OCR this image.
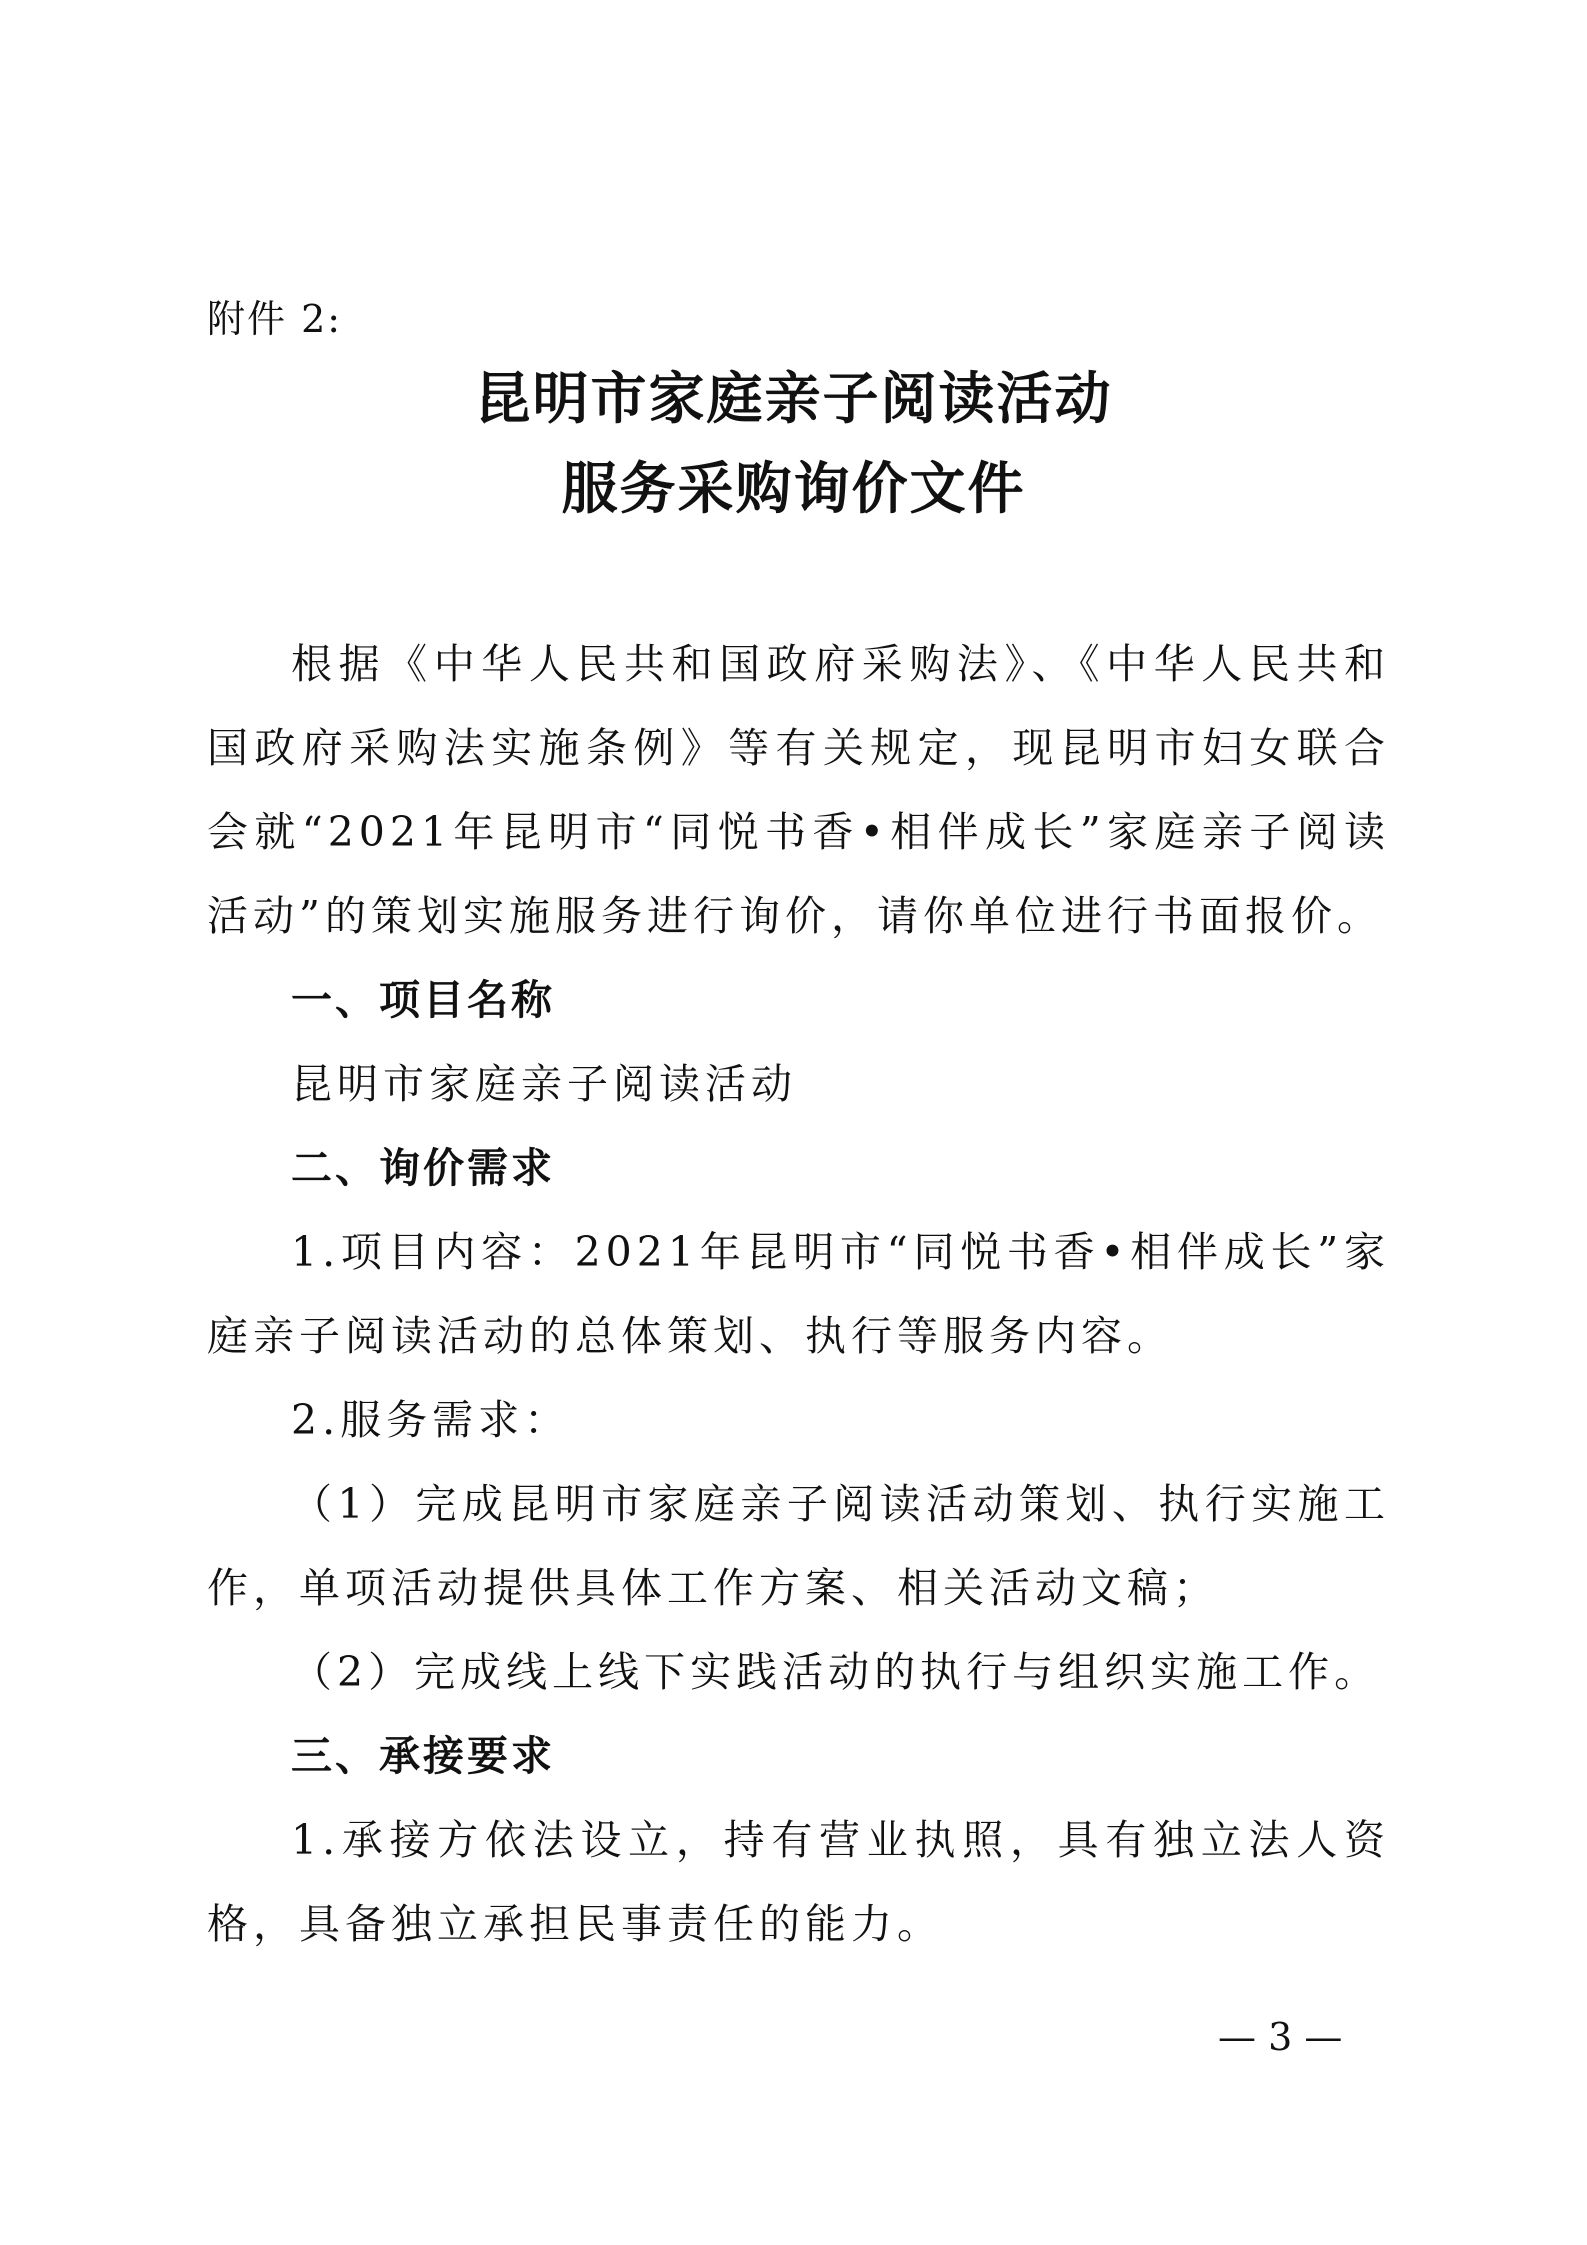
附件 2:
昆明市家庭亲子阅读活动
服务采购询价文件

根据《中华人民共和国政府采购法》、《中华人民共和国政府采购法实施条例》等有关规定，现昆明市妇女联合会就“2021年昆明市“同悦书香•相伴成长”家庭亲子阅读活动”的策划实施服务进行询价，请你单位进行书面报价。

一、项目名称

昆明市家庭亲子阅读活动

二、询价需求

1.项目内容：2021年昆明市“同悦书香•相伴成长”家庭亲子阅读活动的总体策划、执行等服务内容。

2.服务需求：

（1）完成昆明市家庭亲子阅读活动策划、执行实施工作，单项活动提供具体工作方案、相关活动文稿；

（2）完成线上线下实践活动的执行与组织实施工作。

三、承接要求

1.承接方依法设立，持有营业执照，具有独立法人资格，具备独立承担民事责任的能力。

— 3 —
